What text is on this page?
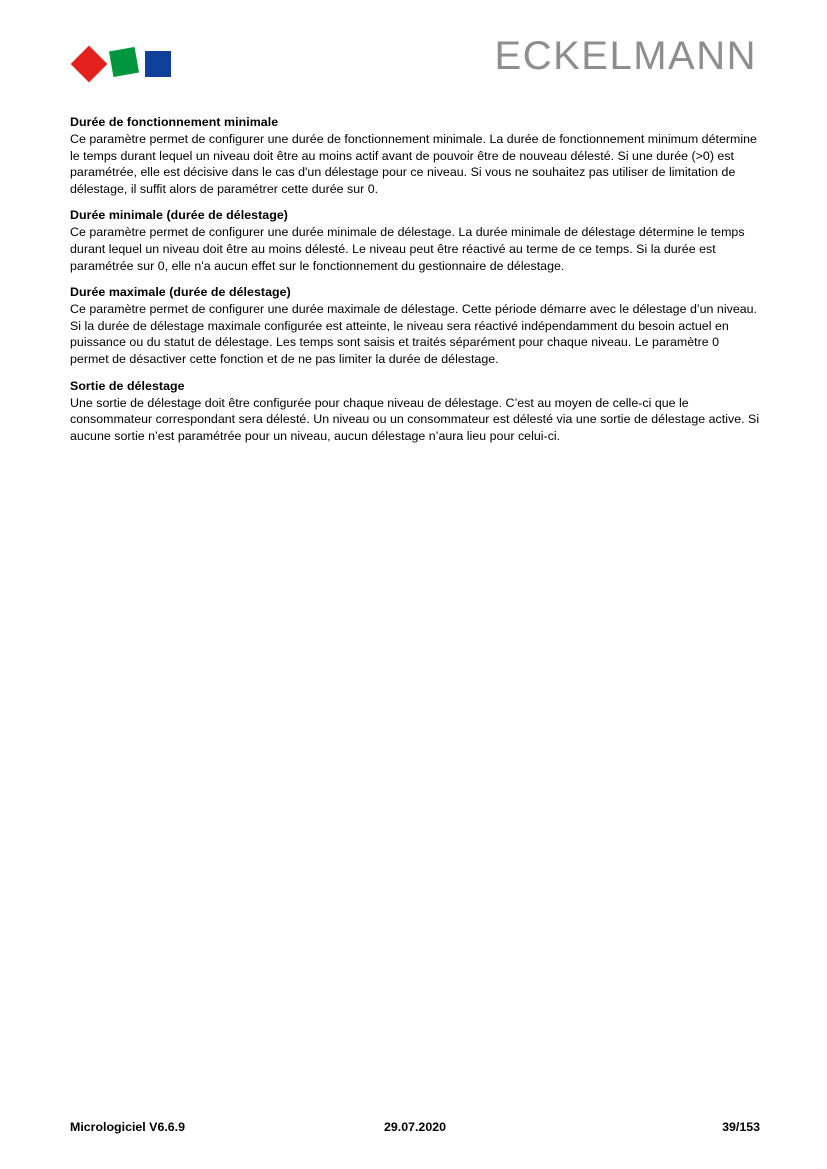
ECKELMANN
Durée de fonctionnement minimale

Ce paramètre permet de configurer une durée de fonctionnement minimale. La durée de fonctionnement minimum détermine le temps durant lequel un niveau doit être au moins actif avant de pouvoir être de nouveau délesté. Si une durée (>0) est paramétrée, elle est décisive dans le cas d'un délestage pour ce niveau. Si vous ne souhaitez pas utiliser de limitation de délestage, il suffit alors de paramétrer cette durée sur 0.

Durée minimale (durée de délestage)

Ce paramètre permet de configurer une durée minimale de délestage. La durée minimale de délestage détermine le temps durant lequel un niveau doit être au moins délesté. Le niveau peut être réactivé au terme de ce temps. Si la durée est paramétrée sur 0, elle n'a aucun effet sur le fonctionnement du gestionnaire de délestage.

Durée maximale (durée de délestage)

Ce paramètre permet de configurer une durée maximale de délestage. Cette période démarre avec le délestage d’un niveau. Si la durée de délestage maximale configurée est atteinte, le niveau sera réactivé indépendamment du besoin actuel en puissance ou du statut de délestage. Les temps sont saisis et traités séparément pour chaque niveau. Le paramètre 0 permet de désactiver cette fonction et de ne pas limiter la durée de délestage.

Sortie de délestage

Une sortie de délestage doit être configurée pour chaque niveau de délestage. C’est au moyen de celle-ci que le consommateur correspondant sera délesté. Un niveau ou un consommateur est délesté via une sortie de délestage active. Si aucune sortie n’est paramétrée pour un niveau, aucun délestage n’aura lieu pour celui-ci.

Micrologiciel V6.6.9	29.07.2020	39/153
